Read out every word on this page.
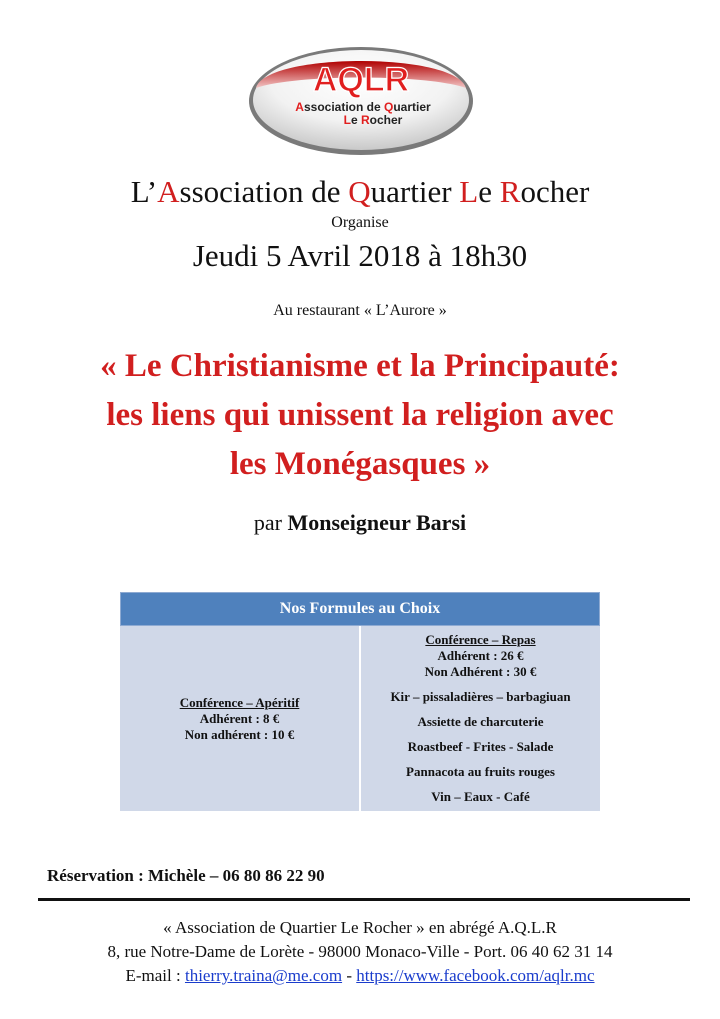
AQLR
Association de Quartier
Le Rocher
L’Association de Quartier Le Rocher
Organise
Jeudi 5 Avril 2018 à 18h30
Au restaurant « L’Aurore »
« Le Christianisme et la Principauté:
les liens qui unissent la religion avec
les Monégasques »
par Monseigneur Barsi
Nos Formules au Choix
Conférence – Apéritif
Adhérent : 8 €
Non adhérent : 10 €
Conférence – Repas
Adhérent : 26 €
Non Adhérent : 30 €
Kir – pissaladières – barbagiuan
Assiette de charcuterie
Roastbeef - Frites - Salade
Pannacota au fruits rouges
Vin – Eaux - Café
Réservation : Michèle – 06 80 86 22 90
« Association de Quartier Le Rocher » en abrégé A.Q.L.R
8, rue Notre-Dame de Lorète - 98000 Monaco-Ville - Port. 06 40 62 31 14
E-mail : thierry.traina@me.com - https://www.facebook.com/aqlr.mc
